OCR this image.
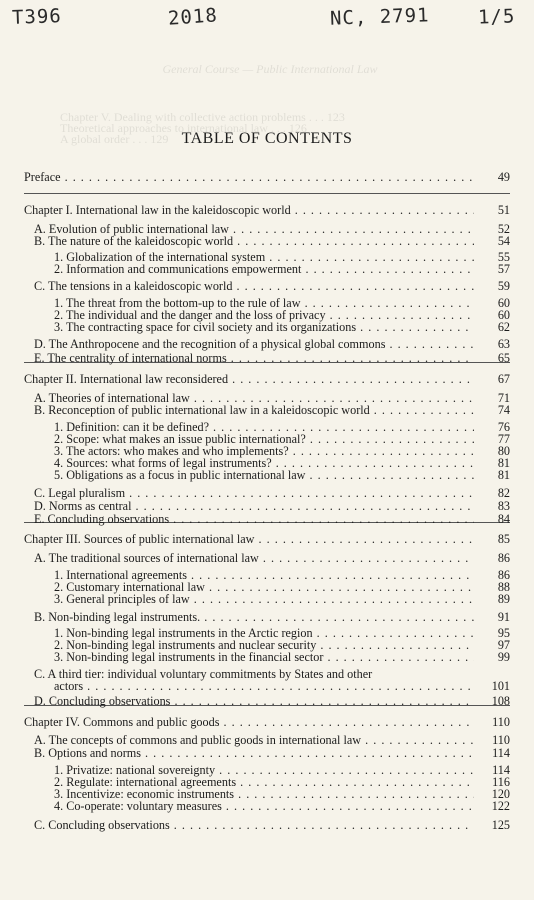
T396	2018	NC, 2791	1/5
General Course — Public International Law
Chapter V. Dealing with collective action problems . . . 123
Theoretical approaches to international law . . . 126
A global order . . . 129 TABLE OF CONTENTS
Preface . . .	49
Chapter I. International law in the kaleidoscopic world . . .	51
A. Evolution of public international law . . .	52
B. The nature of the kaleidoscopic world . . .	54
1. Globalization of the international system . . .	55
2. Information and communications empowerment . . .	57
C. The tensions in a kaleidoscopic world . . .	59
1. The threat from the bottom-up to the rule of law . . .	60
2. The individual and the danger and the loss of privacy . . .	60
3. The contracting space for civil society and its organizations . . .	62
D. The Anthropocene and the recognition of a physical global commons . . .	63
E. The centrality of international norms . . .	65
Chapter II. International law reconsidered . . .	67
A. Theories of international law . . .	71
B. Reconception of public international law in a kaleidoscopic world . . .	74
1. Definition: can it be defined? . . .	76
2. Scope: what makes an issue public international? . . .	77
3. The actors: who makes and who implements? . . .	80
4. Sources: what forms of legal instruments? . . .	81
5. Obligations as a focus in public international law . . .	81
C. Legal pluralism . . .	82
D. Norms as central . . .	83
E. Concluding observations . . .	84
Chapter III. Sources of public international law . . .	85
A. The traditional sources of international law . . .	86
1. International agreements . . .	86
2. Customary international law . . .	88
3. General principles of law . . .	89
B. Non-binding legal instruments. . . .	91
1. Non-binding legal instruments in the Arctic region . . .	95
2. Non-binding legal instruments and nuclear security . . .	97
3. Non-binding legal instruments in the financial sector . . .	99
C. A third tier: individual voluntary commitments by States and other
actors . . .	101
D. Concluding observations . . .	108
Chapter IV. Commons and public goods . . .	110
A. The concepts of commons and public goods in international law . . .	110
B. Options and norms . . .	114
1. Privatize: national sovereignty . . .	114
2. Regulate: international agreements . . .	116
3. Incentivize: economic instruments . . .	120
4. Co-operate: voluntary measures . . .	122
C. Concluding observations . . .	125
